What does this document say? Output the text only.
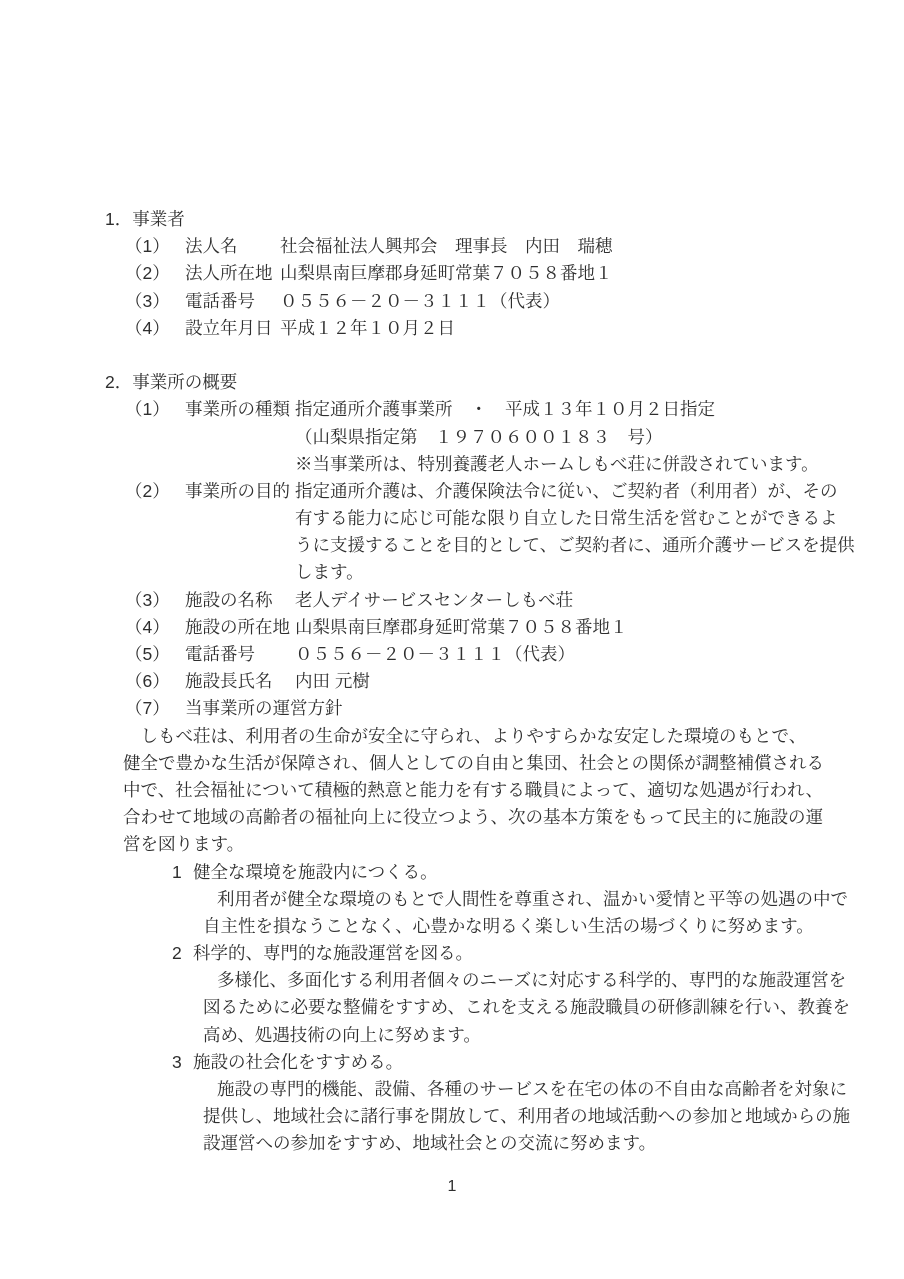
1．事業者
（1） 法人名	社会福祉法人興邦会　理事長　内田　瑞穂
（2） 法人所在地 山梨県南巨摩郡身延町常葉７０５８番地１
（3） 電話番号	０５５６－２０－３１１１（代表）
（4） 設立年月日 平成１２年１０月２日
2．事業所の概要
（1） 事業所の種類 指定通所介護事業所　・　平成１３年１０月２日指定
（山梨県指定第　１９７０６００１８３　号）
※当事業所は、特別養護老人ホームしもべ荘に併設されています。
（2） 事業所の目的 指定通所介護は、介護保険法令に従い、ご契約者（利用者）が、その
有する能力に応じ可能な限り自立した日常生活を営むことができるよ
うに支援することを目的として、ご契約者に、通所介護サービスを提供
します。
（3） 施設の名称	老人デイサービスセンターしもべ荘
（4） 施設の所在地 山梨県南巨摩郡身延町常葉７０５８番地１
（5） 電話番号	０５５６－２０－３１１１（代表）
（6） 施設長氏名	内田 元樹
（7） 当事業所の運営方針
　しもべ荘は、利用者の生命が安全に守られ、よりやすらかな安定した環境のもとで、
健全で豊かな生活が保障され、個人としての自由と集団、社会との関係が調整補償される
中で、社会福祉について積極的熱意と能力を有する職員によって、適切な処遇が行われ、
合わせて地域の高齢者の福祉向上に役立つよう、次の基本方策をもって民主的に施設の運
営を図ります。
1 健全な環境を施設内につくる。
利用者が健全な環境のもとで人間性を尊重され、温かい愛情と平等の処遇の中で
自主性を損なうことなく、心豊かな明るく楽しい生活の場づくりに努めます。
2 科学的、専門的な施設運営を図る。
多様化、多面化する利用者個々のニーズに対応する科学的、専門的な施設運営を
図るために必要な整備をすすめ、これを支える施設職員の研修訓練を行い、教養を
高め、処遇技術の向上に努めます。
3 施設の社会化をすすめる。
施設の専門的機能、設備、各種のサービスを在宅の体の不自由な高齢者を対象に
提供し、地域社会に諸行事を開放して、利用者の地域活動への参加と地域からの施
設運営への参加をすすめ、地域社会との交流に努めます。
1
